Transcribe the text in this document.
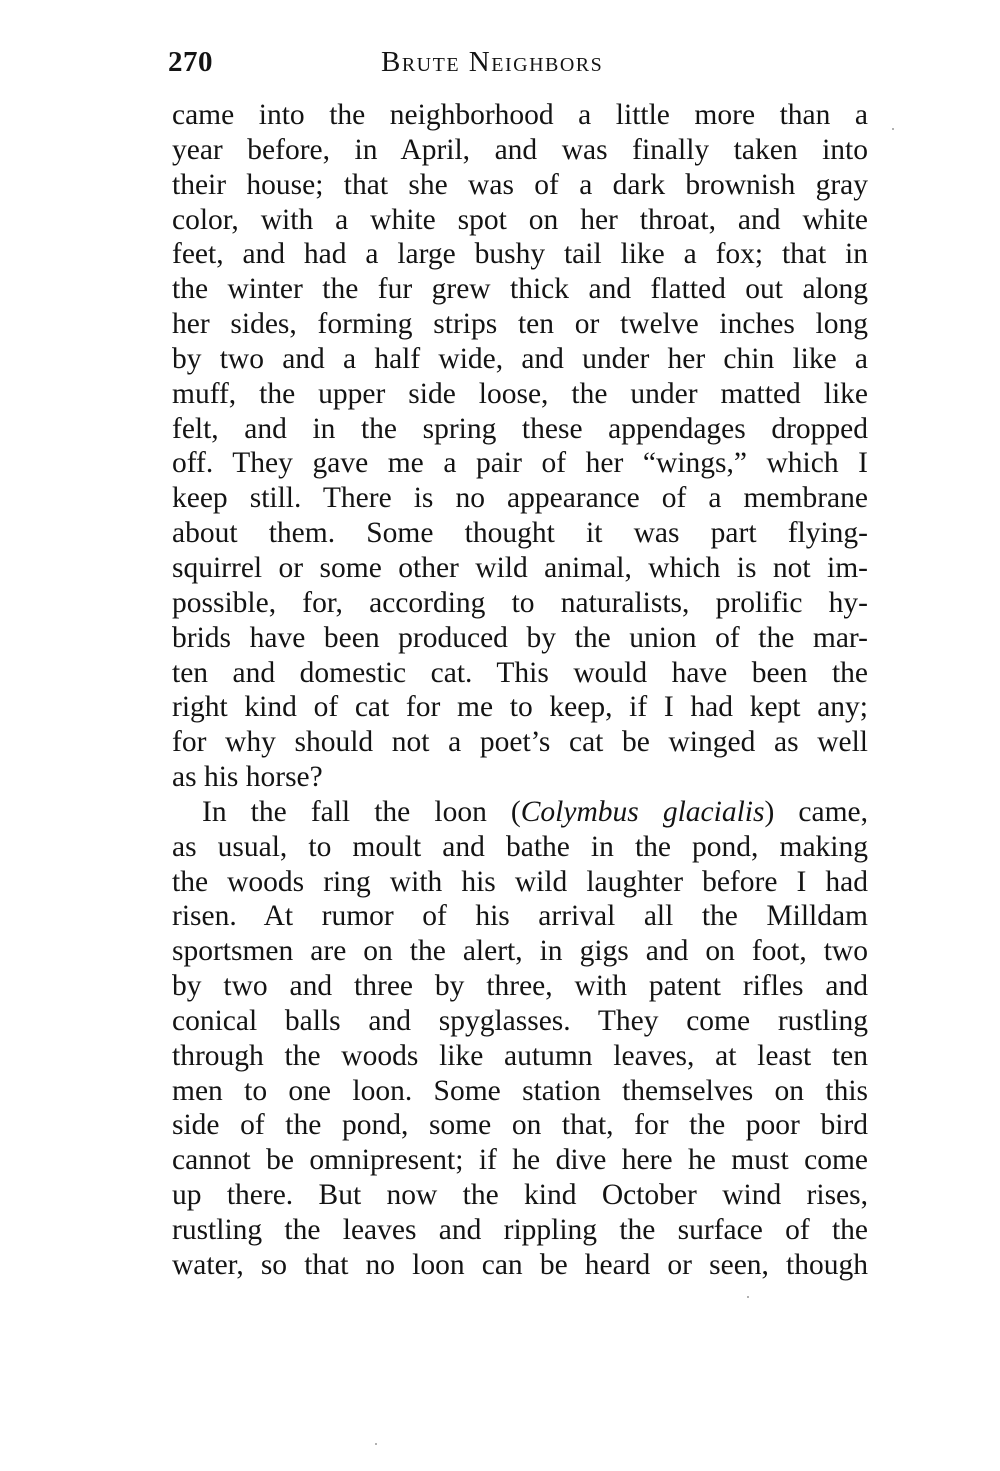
270	Brute Neighbors
came into the neighborhood a little more than a
year before, in April, and was finally taken into
their house; that she was of a dark brownish gray
color, with a white spot on her throat, and white
feet, and had a large bushy tail like a fox; that in
the winter the fur grew thick and flatted out along
her sides, forming strips ten or twelve inches long
by two and a half wide, and under her chin like a
muff, the upper side loose, the under matted like
felt, and in the spring these appendages dropped
off. They gave me a pair of her “wings,” which I
keep still. There is no appearance of a membrane
about them. Some thought it was part flying-
squirrel or some other wild animal, which is not im-
possible, for, according to naturalists, prolific hy-
brids have been produced by the union of the mar-
ten and domestic cat. This would have been the
right kind of cat for me to keep, if I had kept any;
for why should not a poet’s cat be winged as well
as his horse?
In the fall the loon (Colymbus glacialis) came,
as usual, to moult and bathe in the pond, making
the woods ring with his wild laughter before I had
risen. At rumor of his arrival all the Milldam
sportsmen are on the alert, in gigs and on foot, two
by two and three by three, with patent rifles and
conical balls and spyglasses. They come rustling
through the woods like autumn leaves, at least ten
men to one loon. Some station themselves on this
side of the pond, some on that, for the poor bird
cannot be omnipresent; if he dive here he must come
up there. But now the kind October wind rises,
rustling the leaves and rippling the surface of the
water, so that no loon can be heard or seen, though
